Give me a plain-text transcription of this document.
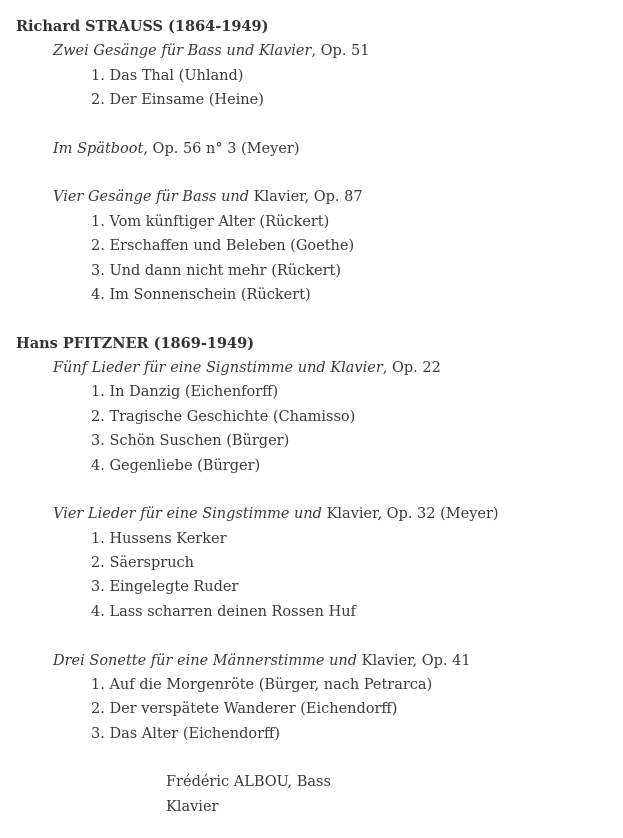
Richard STRAUSS (1864-1949)
Zwei Gesänge für Bass und Klavier, Op. 51
1. Das Thal (Uhland)
2. Der Einsame (Heine)
Im Spätboot, Op. 56 n° 3 (Meyer)
Vier Gesänge für Bass und Klavier, Op. 87
1. Vom künftiger Alter (Rückert)
2. Erschaffen und Beleben (Goethe)
3. Und dann nicht mehr (Rückert)
4. Im Sonnenschein (Rückert)
Hans PFITZNER (1869-1949)
Fünf Lieder für eine Signstimme und Klavier, Op. 22
1. In Danzig (Eichenforff)
2. Tragische Geschichte (Chamisso)
3. Schön Suschen (Bürger)
4. Gegenliebe (Bürger)
Vier Lieder für eine Singstimme und Klavier, Op. 32 (Meyer)
1. Hussens Kerker
2. Säerspruch
3. Eingelegte Ruder
4. Lass scharren deinen Rossen Huf
Drei Sonette für eine Männerstimme und Klavier, Op. 41
1. Auf die Morgenröte (Bürger, nach Petrarca)
2. Der verspätete Wanderer (Eichendorff)
3. Das Alter (Eichendorff)
Frédéric ALBOU, Bass
Klavier
